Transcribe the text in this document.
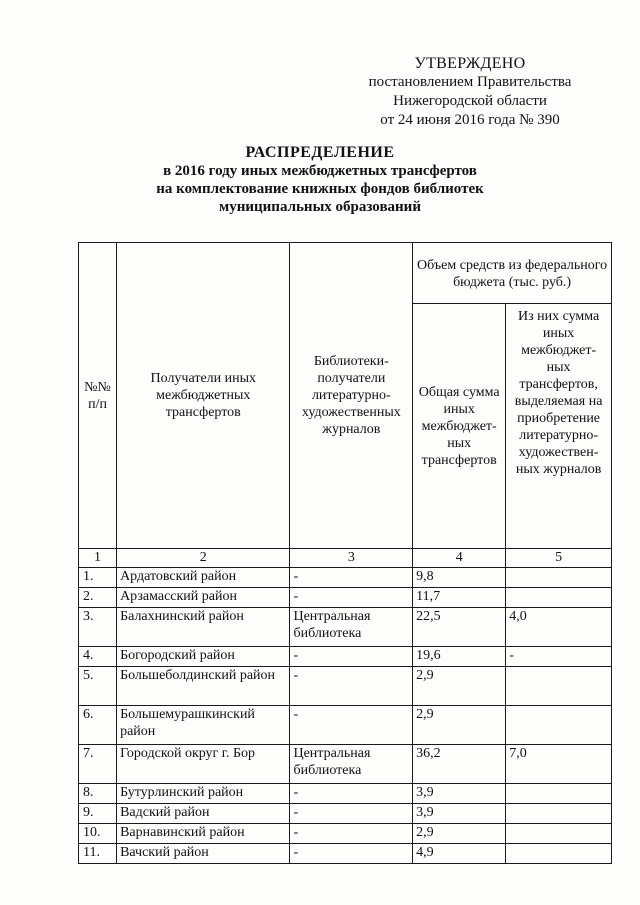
УТВЕРЖДЕНО
постановлением Правительства
Нижегородской области
от 24 июня 2016 года № 390
РАСПРЕДЕЛЕНИЕ
в 2016 году иных межбюджетных трансфертов
на комплектование книжных фондов библиотек
муниципальных образований
№№ п/п	Получатели иных межбюджетных трансфертов	Библиотеки-получатели литературно-художественных журналов	Объем средств из федерального бюджета (тыс. руб.)	
			Общая сумма иных межбюджет-ных трансфертов	Из них сумма иных межбюджет-ных трансфертов, выделяемая на приобретение литературно-художествен-ных журналов
1	2	3	4	5
1.	Ардатовский район	-	9,8	
2.	Арзамасский район	-	11,7	
3.	Балахнинский район	Центральная библиотека	22,5	4,0
4.	Богородский район	-	19,6	-
5.	Большеболдинский район	-	2,9	
6.	Большемурашкинский район	-	2,9	
7.	Городской округ г. Бор	Центральная библиотека	36,2	7,0
8.	Бутурлинский район	-	3,9	
9.	Вадский район	-	3,9	
10.	Варнавинский район	-	2,9	
11.	Вачский район	-	4,9	
